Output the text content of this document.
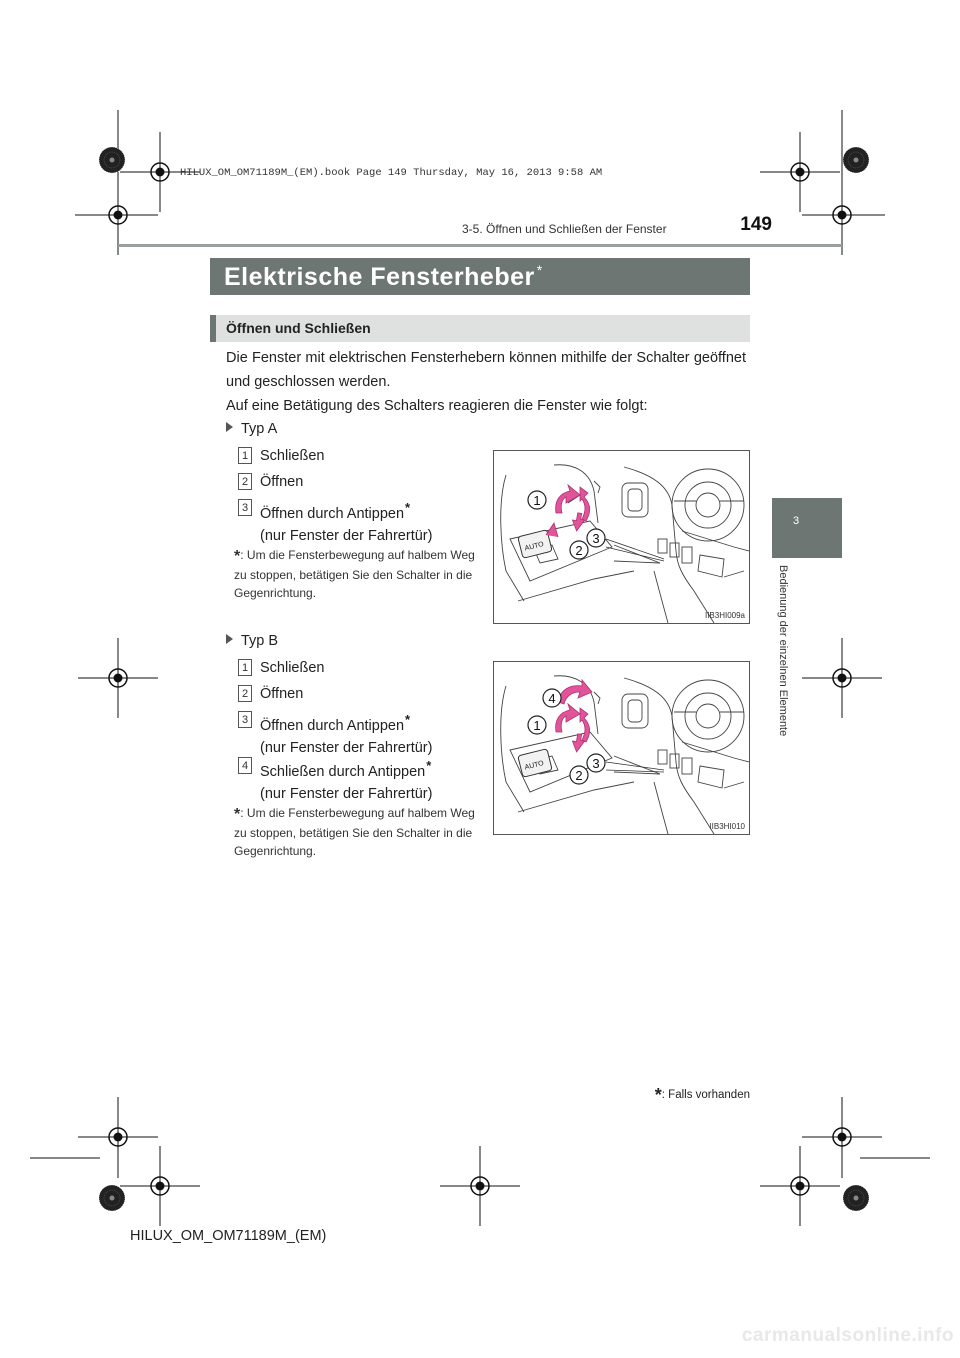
HILUX_OM_OM71189M_(EM).book Page 149 Thursday, May 16, 2013 9:58 AM
149
3-5. Öffnen und Schließen der Fenster
3
Bedienung der einzelnen Elemente
Elektrische Fensterheber *
Öffnen und Schließen
Die Fenster mit elektrischen Fensterhebern können mithilfe der Schalter geöffnet und geschlossen werden.
Auf eine Betätigung des Schalters reagieren die Fenster wie folgt:
Typ A
1 Schließen
2 Öffnen
3 Öffnen durch Antippen*
(nur Fenster der Fahrertür)
*: Um die Fensterbewegung auf halbem Weg zu stoppen, betätigen Sie den Schalter in die Gegenrichtung.
AUTO
1
2
3
IIB3HI009a
Typ B
1 Schließen
2 Öffnen
3 Öffnen durch Antippen*
(nur Fenster der Fahrertür)
4 Schließen durch Antippen*
(nur Fenster der Fahrertür)
*: Um die Fensterbewegung auf halbem Weg zu stoppen, betätigen Sie den Schalter in die Gegenrichtung.
AUTO
4
1
2
3
IIB3HI010
*: Falls vorhanden
HILUX_OM_OM71189M_(EM)
carmanualsonline.info
